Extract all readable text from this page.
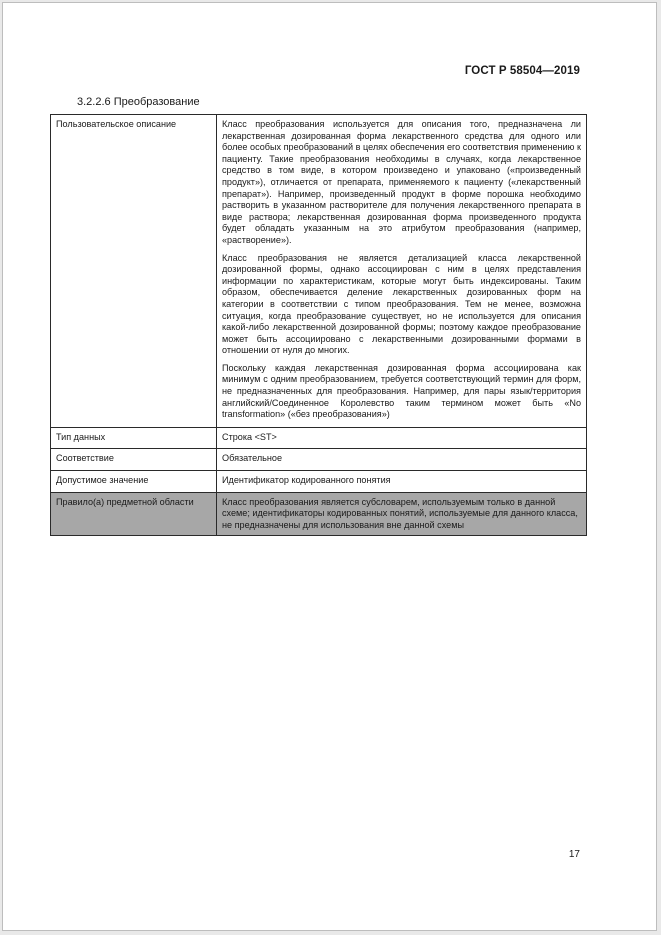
ГОСТ Р 58504—2019
3.2.2.6 Преобразование
Пользовательское описание	Класс преобразования используется для описания того, предназначена ли лекарственная дозированная форма лекарственного средства для одного или более особых преобразований в целях обеспечения его соответствия применению к пациенту. Такие преобразования необходимы в случаях, когда лекарственное средство в том виде, в котором произведено и упаковано («произведенный продукт»), отличается от препарата, применяемого к пациенту («лекарственный препарат»). Например, произведенный продукт в форме порошка необходимо растворить в указанном растворителе для получения лекарственного препарата в виде раствора; лекарственная дозированная форма произведенного продукта будет обладать указанным на это атрибутом преобразования (например, «растворение»).

Класс преобразования не является детализацией класса лекарственной дозированной формы, однако ассоциирован с ним в целях представления информации по характеристикам, которые могут быть индексированы. Таким образом, обеспечивается деление лекарственных дозированных форм на категории в соответствии с типом преобразования. Тем не менее, возможна ситуация, когда преобразование существует, но не используется для описания какой-либо лекарственной дозированной формы; поэтому каждое преобразование может быть ассоциировано с лекарственными дозированными формами в отношении от нуля до многих.

Поскольку каждая лекарственная дозированная форма ассоциирована как минимум с одним преобразованием, требуется соответствующий термин для форм, не предназначенных для преобразования. Например, для пары язык/территория английский/Соединенное Королевство таким термином может быть «No transformation» («без преобразования»)

Тип данных	Строка <ST>
Соответствие	Обязательное
Допустимое значение	Идентификатор кодированного понятия
Правило(а) предметной области	Класс преобразования является субсловарем, используемым только в данной схеме; идентификаторы кодированных понятий, используемые для данного класса, не предназначены для использования вне данной схемы
17
